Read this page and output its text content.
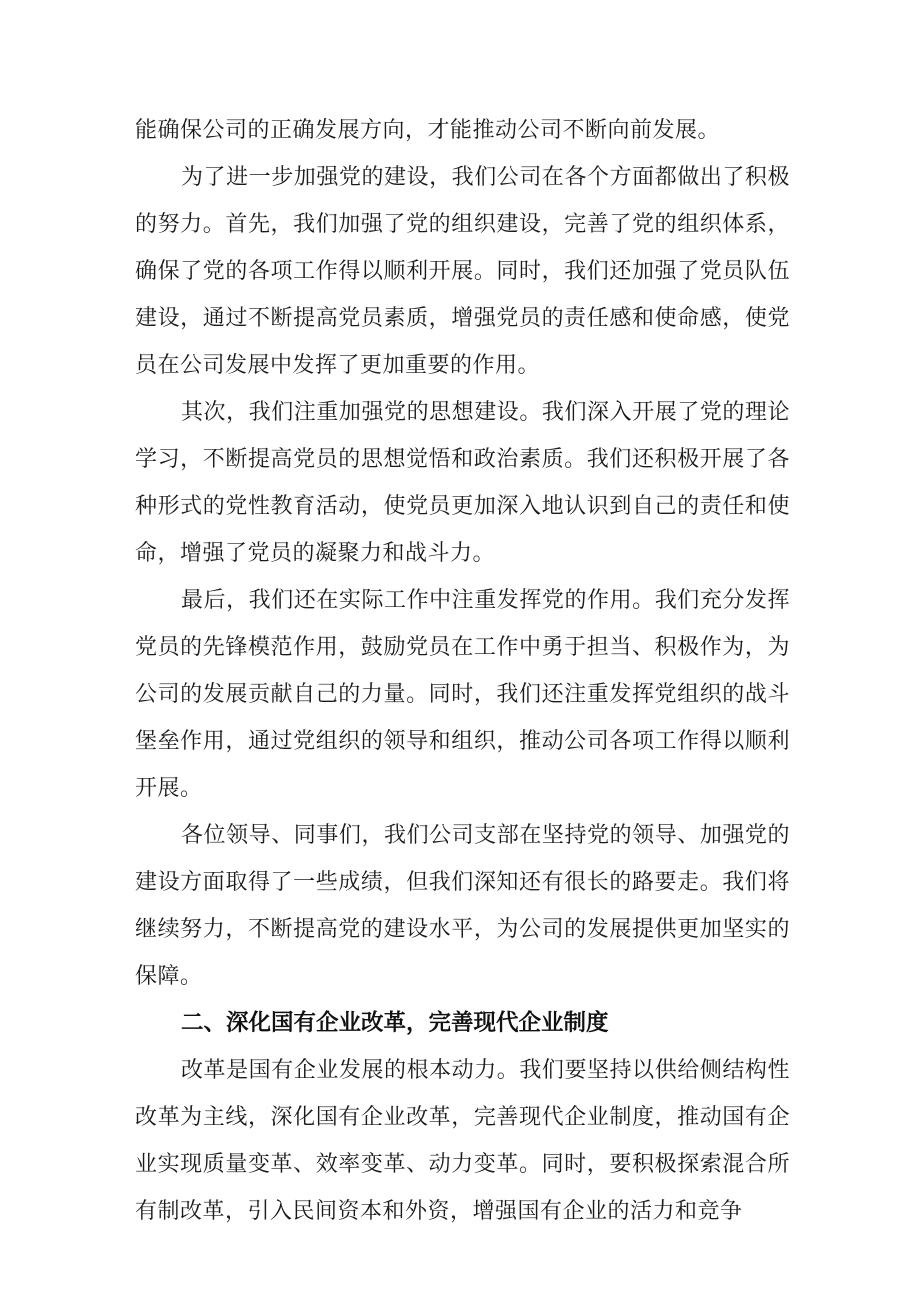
能确保公司的正确发展方向，才能推动公司不断向前发展。

为了进一步加强党的建设，我们公司在各个方面都做出了积极的努力。首先，我们加强了党的组织建设，完善了党的组织体系，确保了党的各项工作得以顺利开展。同时，我们还加强了党员队伍建设，通过不断提高党员素质，增强党员的责任感和使命感，使党员在公司发展中发挥了更加重要的作用。

其次，我们注重加强党的思想建设。我们深入开展了党的理论学习，不断提高党员的思想觉悟和政治素质。我们还积极开展了各种形式的党性教育活动，使党员更加深入地认识到自己的责任和使命，增强了党员的凝聚力和战斗力。

最后，我们还在实际工作中注重发挥党的作用。我们充分发挥党员的先锋模范作用，鼓励党员在工作中勇于担当、积极作为，为公司的发展贡献自己的力量。同时，我们还注重发挥党组织的战斗堡垒作用，通过党组织的领导和组织，推动公司各项工作得以顺利开展。

各位领导、同事们，我们公司支部在坚持党的领导、加强党的建设方面取得了一些成绩，但我们深知还有很长的路要走。我们将继续努力，不断提高党的建设水平，为公司的发展提供更加坚实的保障。

二、深化国有企业改革，完善现代企业制度

改革是国有企业发展的根本动力。我们要坚持以供给侧结构性改革为主线，深化国有企业改革，完善现代企业制度，推动国有企业实现质量变革、效率变革、动力变革。同时，要积极探索混合所有制改革，引入民间资本和外资，增强国有企业的活力和竞争
